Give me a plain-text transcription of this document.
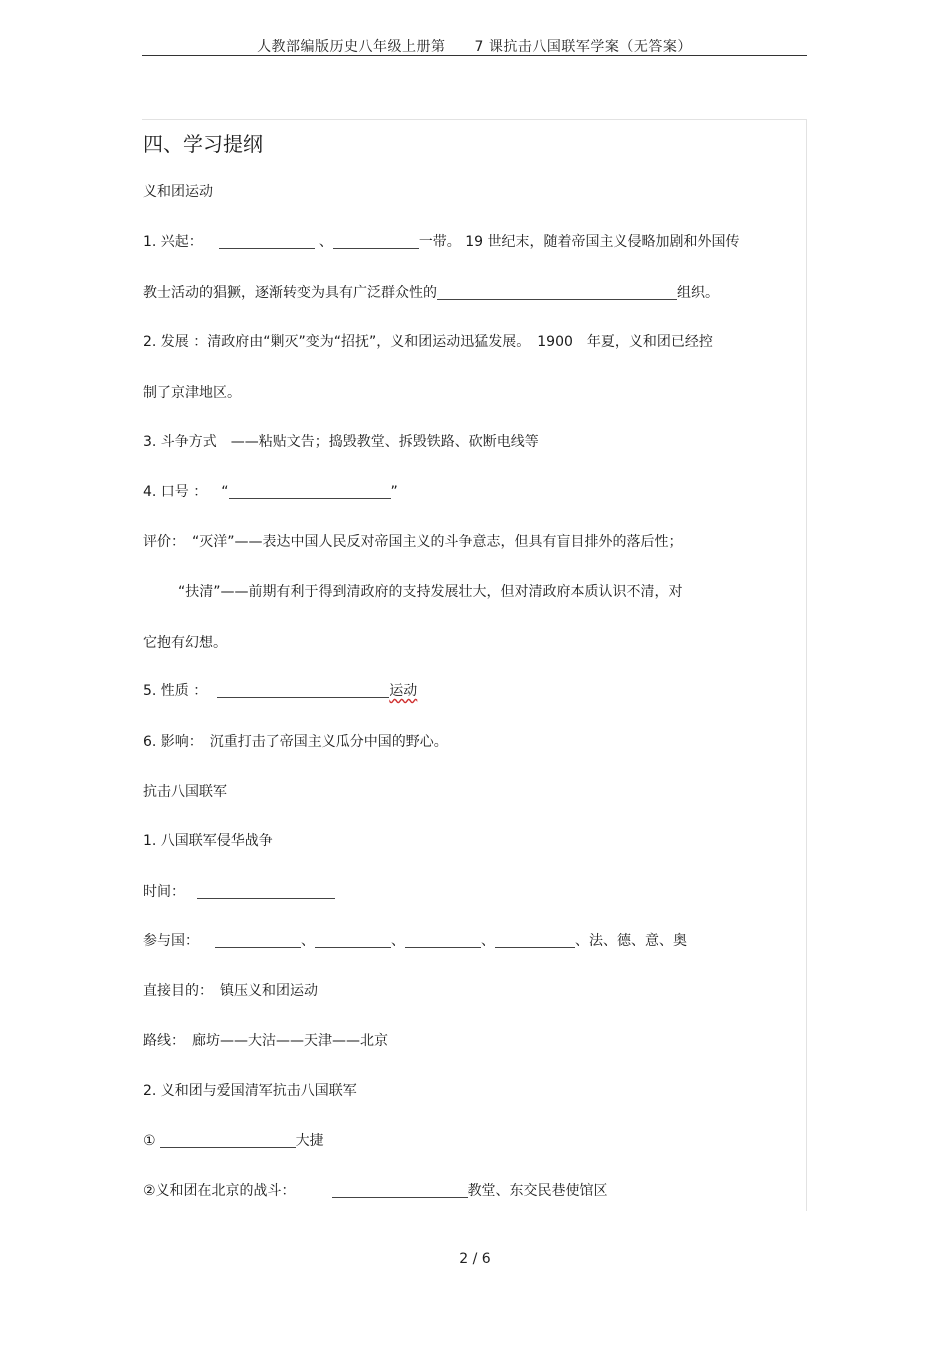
人教部编版历史八年级上册第　　7 课抗击八国联军学案（无答案）
四、学习提纲
义和团运动
1. 兴起：	、	一带。 19 世纪末，随着帝国主义侵略加剧和外国传
教士活动的猖獗，逐渐转变为具有广泛群众性的	组织。
2. 发展 ：清政府由“剿灭”变为“招抚”，义和团运动迅猛发展。　1900　年夏，义和团已经控
制了京津地区。
3. 斗争方式　——粘贴文告；捣毁教堂、拆毁铁路、砍断电线等
4. 口号 ： “	”
评价：　“灭洋”——表达中国人民反对帝国主义的斗争意志，但具有盲目排外的落后性；
“扶清”——前期有利于得到清政府的支持发展壮大，但对清政府本质认识不清，对
它抱有幻想。
5. 性质 ：	运动
6. 影响：　沉重打击了帝国主义瓜分中国的野心。
抗击八国联军
1. 八国联军侵华战争
时间：
参与国：	、	、	、	、法、德、意、奥
直接目的：　镇压义和团运动
路线：　廊坊——大沽——天津——北京
2. 义和团与爱国清军抗击八国联军
①	大捷
②义和团在北京的战斗：	教堂、东交民巷使馆区
2 / 6
